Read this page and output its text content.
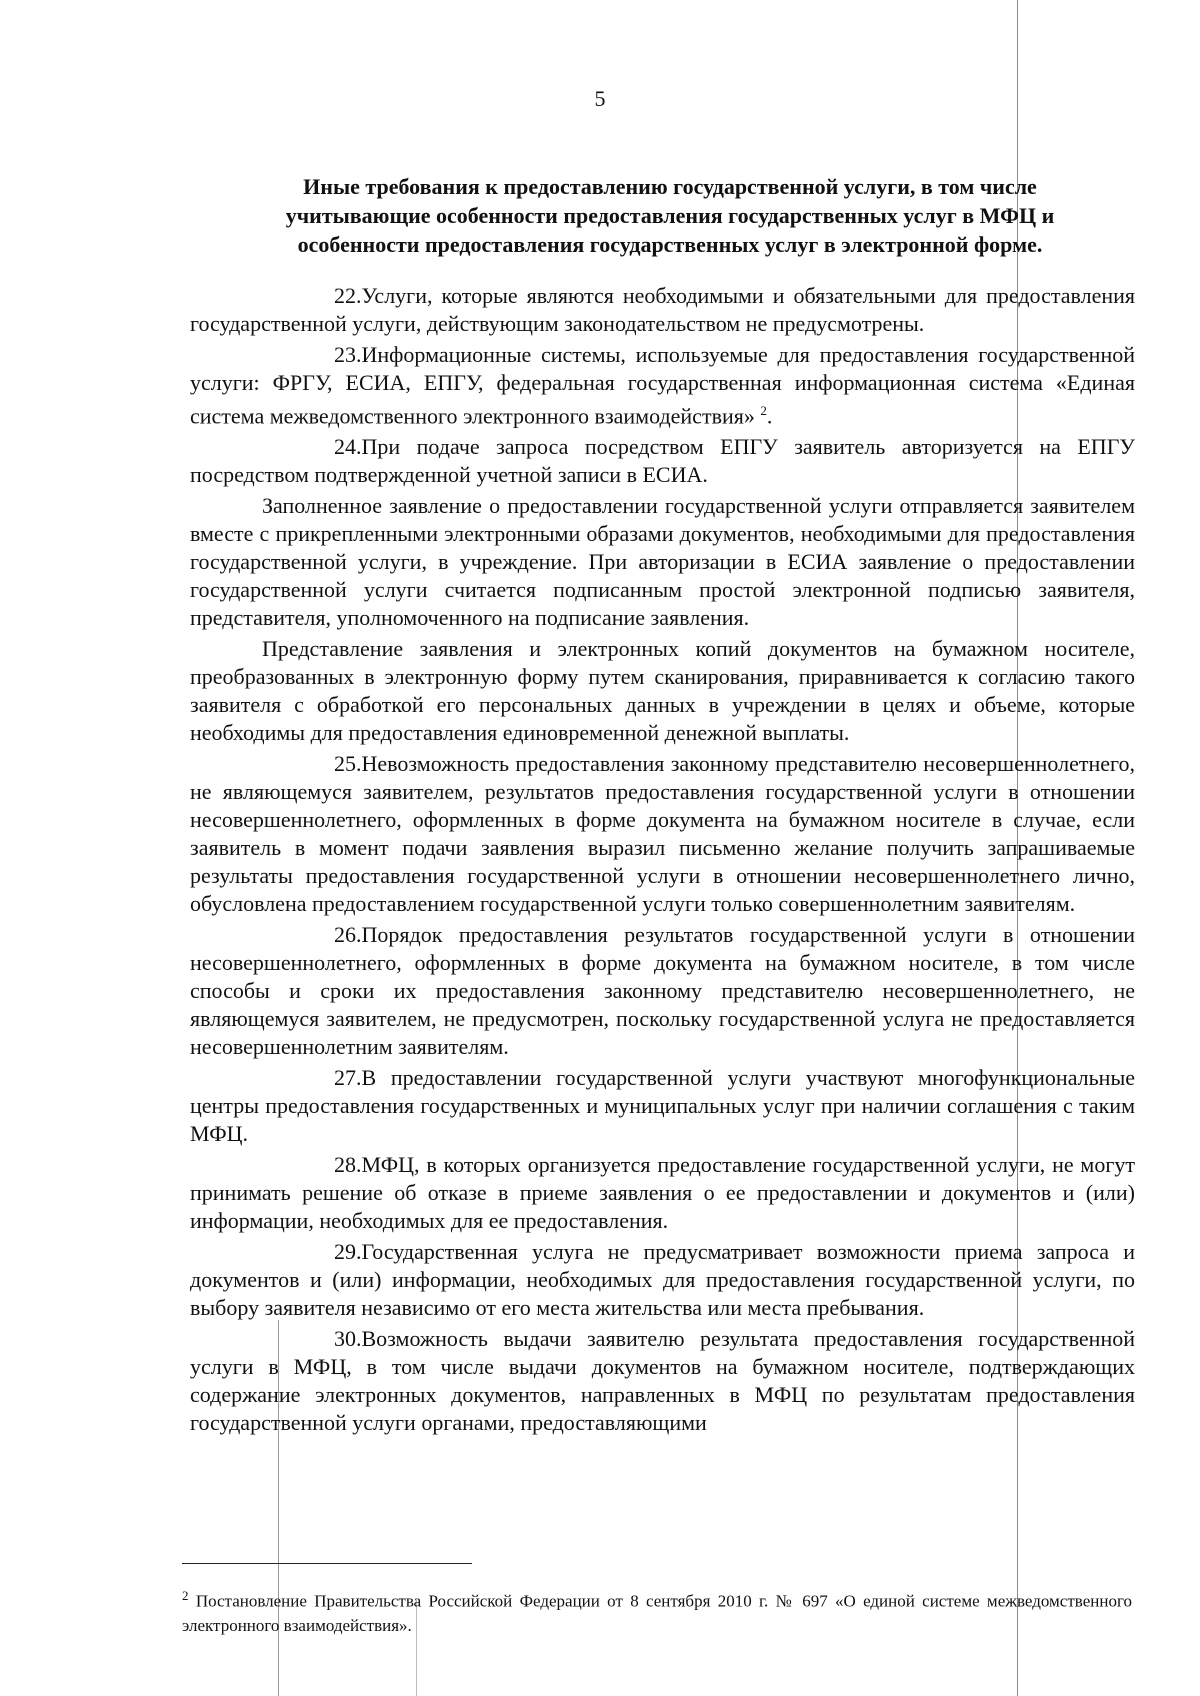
5
Иные требования к предоставлению государственной услуги, в том числе учитывающие особенности предоставления государственных услуг в МФЦ и особенности предоставления государственных услуг в электронной форме.

22.Услуги, которые являются необходимыми и обязательными для предоставления государственной услуги, действующим законодательством не предусмотрены.

23.Информационные системы, используемые для предоставления государственной услуги: ФРГУ, ЕСИА, ЕПГУ, федеральная государственная информационная система «Единая система межведомственного электронного взаимодействия» $^2$.

24.При подаче запроса посредством ЕПГУ заявитель авторизуется на ЕПГУ посредством подтвержденной учетной записи в ЕСИА.

Заполненное заявление о предоставлении государственной услуги отправляется заявителем вместе с прикрепленными электронными образами документов, необходимыми для предоставления государственной услуги, в учреждение. При авторизации в ЕСИА заявление о предоставлении государственной услуги считается подписанным простой электронной подписью заявителя, представителя, уполномоченного на подписание заявления.

Представление заявления и электронных копий документов на бумажном носителе, преобразованных в электронную форму путем сканирования, приравнивается к согласию такого заявителя с обработкой его персональных данных в учреждении в целях и объеме, которые необходимы для предоставления единовременной денежной выплаты.

25.Невозможность предоставления законному представителю несовершеннолетнего, не являющемуся заявителем, результатов предоставления государственной услуги в отношении несовершеннолетнего, оформленных в форме документа на бумажном носителе в случае, если заявитель в момент подачи заявления выразил письменно желание получить запрашиваемые результаты предоставления государственной услуги в отношении несовершеннолетнего лично, обусловлена предоставлением государственной услуги только совершеннолетним заявителям.

26.Порядок предоставления результатов государственной услуги в отношении несовершеннолетнего, оформленных в форме документа на бумажном носителе, в том числе способы и сроки их предоставления законному представителю несовершеннолетнего, не являющемуся заявителем, не предусмотрен, поскольку государственной услуга не предоставляется несовершеннолетним заявителям.

27.В предоставлении государственной услуги участвуют многофункциональные центры предоставления государственных и муниципальных услуг при наличии соглашения с таким МФЦ.

28.МФЦ, в которых организуется предоставление государственной услуги, не могут принимать решение об отказе в приеме заявления о ее предоставлении и документов и (или) информации, необходимых для ее предоставления.

29.Государственная услуга не предусматривает возможности приема запроса и документов и (или) информации, необходимых для предоставления государственной услуги, по выбору заявителя независимо от его места жительства или места пребывания.

30.Возможность выдачи заявителю результата предоставления государственной услуги в МФЦ, в том числе выдачи документов на бумажном носителе, подтверждающих содержание электронных документов, направленных в МФЦ по результатам предоставления государственной услуги органами, предоставляющими

$^2$ Постановление Правительства Российской Федерации от 8 сентября 2010 г. № 697 «О единой системе межведомственного электронного взаимодействия».
